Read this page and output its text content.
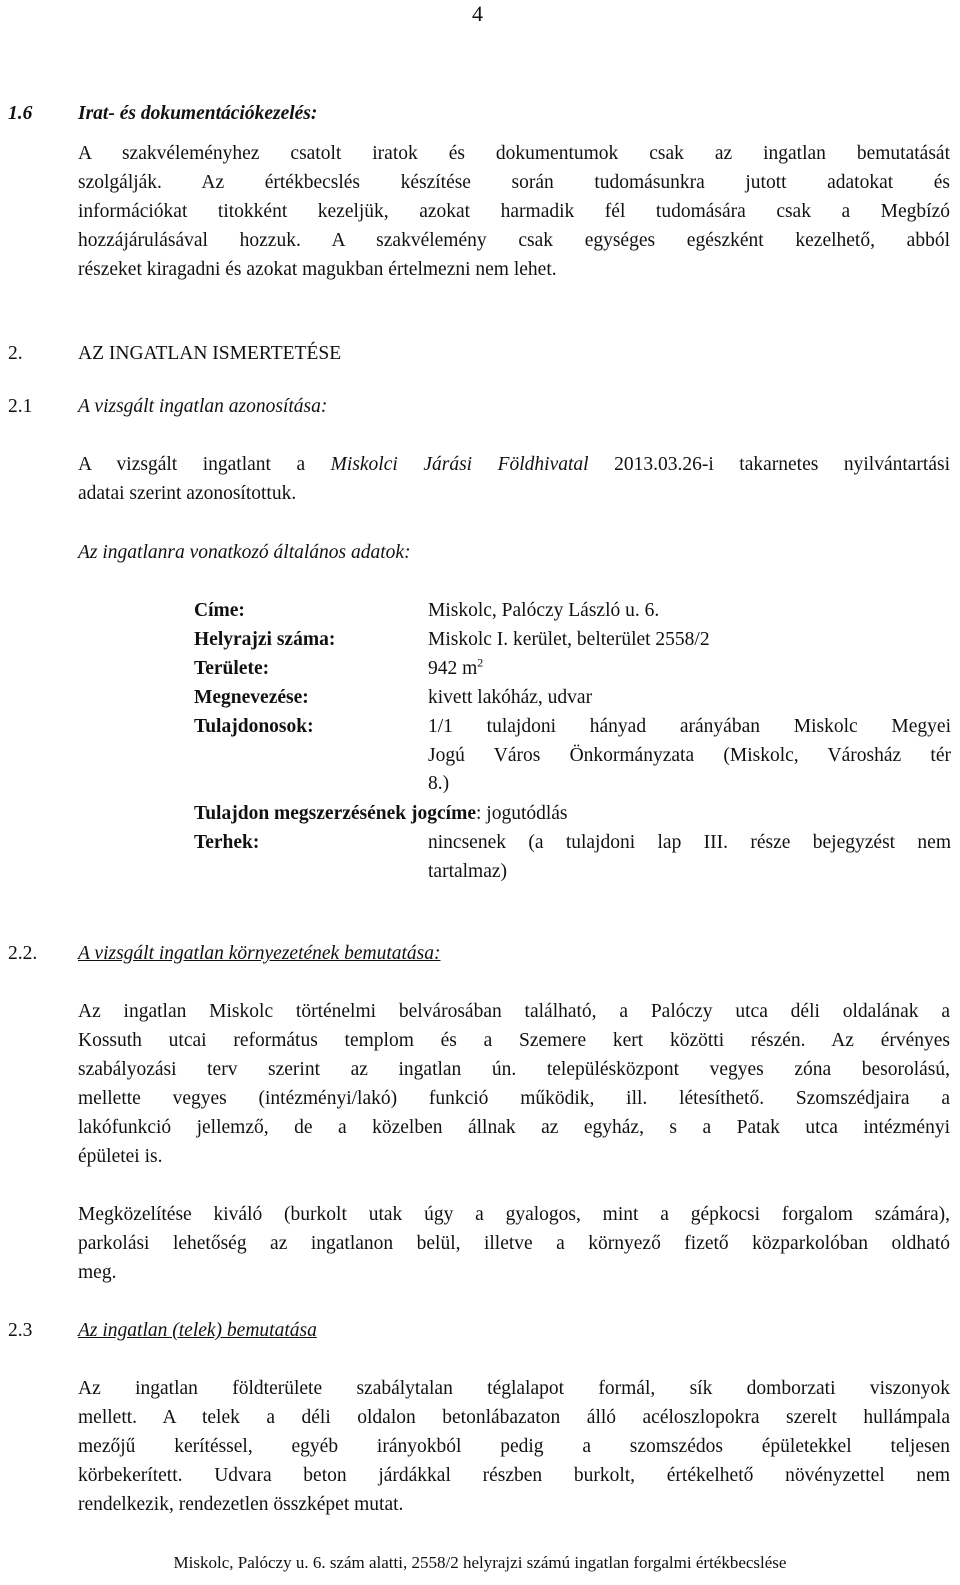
4
1.6 Irat- és dokumentációkezelés:
A szakvéleményhez csatolt iratok és dokumentumok csak az ingatlan bemutatását
szolgálják. Az értékbecslés készítése során tudomásunkra jutott adatokat és
információkat titokként kezeljük, azokat harmadik fél tudomására csak a Megbízó
hozzájárulásával hozzuk. A szakvélemény csak egységes egészként kezelhető, abból
részeket kiragadni és azokat magukban értelmezni nem lehet.
2.	AZ INGATLAN ISMERTETÉSE
2.1 A vizsgált ingatlan azonosítása:
A vizsgált ingatlant a Miskolci Járási Földhivatal 2013.03.26-i takarnetes nyilvántartási
adatai szerint azonosítottuk.
Az ingatlanra vonatkozó általános adatok:
Címe:	Miskolc, Palóczy László u. 6.
Helyrajzi száma:	Miskolc I. kerület, belterület 2558/2
Területe:	942 $m^2$
Megnevezése:	kivett lakóház, udvar
Tulajdonosok:	1/1 tulajdoni hányad arányában Miskolc Megyei
Jogú Város Önkormányzata (Miskolc, Városház tér
8.)
Tulajdon megszerzésének jogcíme: jogutódlás
Terhek:	nincsenek (a tulajdoni lap III. része bejegyzést nem
tartalmaz)
2.2. A vizsgált ingatlan környezetének bemutatása:
Az ingatlan Miskolc történelmi belvárosában található, a Palóczy utca déli oldalának a
Kossuth utcai református templom és a Szemere kert közötti részén. Az érvényes
szabályozási terv szerint az ingatlan ún. településközpont vegyes zóna besorolású,
mellette vegyes (intézményi/lakó) funkció működik, ill. létesíthető. Szomszédjaira a
lakófunkció jellemző, de a közelben állnak az egyház, s a Patak utca intézményi
épületei is.
Megközelítése kiváló (burkolt utak úgy a gyalogos, mint a gépkocsi forgalom számára),
parkolási lehetőség az ingatlanon belül, illetve a környező fizető közparkolóban oldható
meg.
2.3 Az ingatlan (telek) bemutatása
Az ingatlan földterülete szabálytalan téglalapot formál, sík domborzati viszonyok
mellett. A telek a déli oldalon betonlábazaton álló acéloszlopokra szerelt hullámpala
mezőjű kerítéssel, egyéb irányokból pedig a szomszédos épületekkel teljesen
körbekerített. Udvara beton járdákkal részben burkolt, értékelhető növényzettel nem
rendelkezik, rendezetlen összképet mutat.
Miskolc, Palóczy u. 6. szám alatti, 2558/2 helyrajzi számú ingatlan forgalmi értékbecslése
